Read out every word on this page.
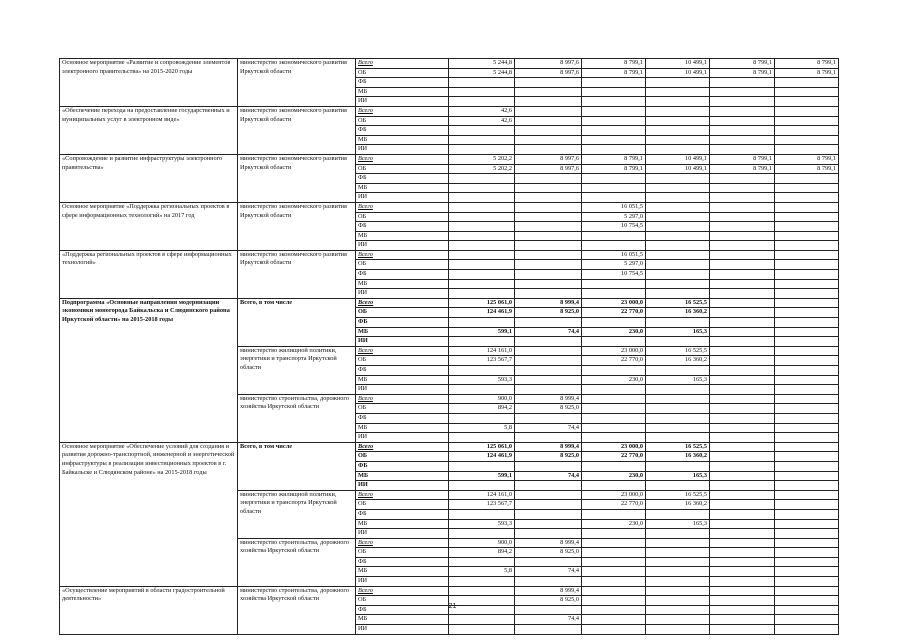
Основное мероприятие «Развитие и сопровождение элементов электронного правительства» на 2015-2020 годы	министерство экономического развития Иркутской области	Всего	5 244,8	8 997,6	8 799,1	10 499,1	8 799,1	8 799,1
		ОБ	5 244,8	8 997,6	8 799,1	10 499,1	8 799,1	8 799,1
		ФБ						
		МБ						
		ИИ						
«Обеспечение перехода на предоставление государственных и муниципальных услуг в электронном виде»	министерство экономического развития Иркутской области	Всего	42,6					
		ОБ	42,6					
		ФБ						
		МБ						
		ИИ						
«Сопровождение и развитие инфраструктуры электронного правительства»	министерство экономического развития Иркутской области	Всего	5 202,2	8 997,6	8 799,1	10 499,1	8 799,1	8 799,1
		ОБ	5 202,2	8 997,6	8 799,1	10 499,1	8 799,1	8 799,1
		ФБ						
		МБ						
		ИИ						
Основное мероприятие «Поддержка региональных проектов в сфере информационных технологий» на 2017 год	министерство экономического развития Иркутской области	Всего			16 051,5			
		ОБ			5 297,0			
		ФБ			10 754,5			
		МБ						
		ИИ						
«Поддержка региональных проектов в сфере информационных технологий»	министерство экономического развития Иркутской области	Всего			16 051,5			
		ОБ			5 297,0			
		ФБ			10 754,5			
		МБ						
		ИИ						
Подпрограмма «Основные направления модернизации экономики моногорода Байкальска и Слюдянского района Иркутской области» на 2015-2018 годы	Всего, в том числе	Всего	125 061,0	8 999,4	23 000,0	16 525,5		
		ОБ	124 461,9	8 925,0	22 770,0	16 360,2		
		ФБ						
		МБ	599,1	74,4	230,0	165,3		
		ИИ						
	министерство жилищной политики, энергетики и транспорта Иркутской области	Всего	124 161,0		23 000,0	16 525,5		
		ОБ	123 567,7		22 770,0	16 360,2		
		ФБ						
		МБ	593,3		230,0	165,3		
		ИИ						
	министерство строительства, дорожного хозяйства Иркутской области	Всего	900,0	8 999,4				
		ОБ	894,2	8 925,0				
		ФБ						
		МБ	5,8	74,4				
		ИИ						
Основное мероприятие «Обеспечение условий для создания и развития дорожно-транспортной, инженерной и энергетической инфраструктуры в реализации инвестиционных проектов в г. Байкальске и Слюдянском районе» на 2015-2018 годы	Всего, в том числе	Всего	125 061,0	8 999,4	23 000,0	16 525,5		
		ОБ	124 461,9	8 925,0	22 770,0	16 360,2		
		ФБ						
		МБ	599,1	74,4	230,0	165,3		
		ИИ						
	министерство жилищной политики, энергетики и транспорта Иркутской области	Всего	124 161,0		23 000,0	16 525,5		
		ОБ	123 567,7		22 770,0	16 360,2		
		ФБ						
		МБ	593,3		230,0	165,3		
		ИИ						
	министерство строительства, дорожного хозяйства Иркутской области	Всего	900,0	8 999,4				
		ОБ	894,2	8 925,0				
		ФБ						
		МБ	5,8	74,4				
		ИИ						
«Осуществление мероприятий в области градостроительной деятельности»	министерство строительства, дорожного хозяйства Иркутской области	Всего		8 999,4				
		ОБ		8 925,0				
		ФБ						
		МБ		74,4				
		ИИ						
21
